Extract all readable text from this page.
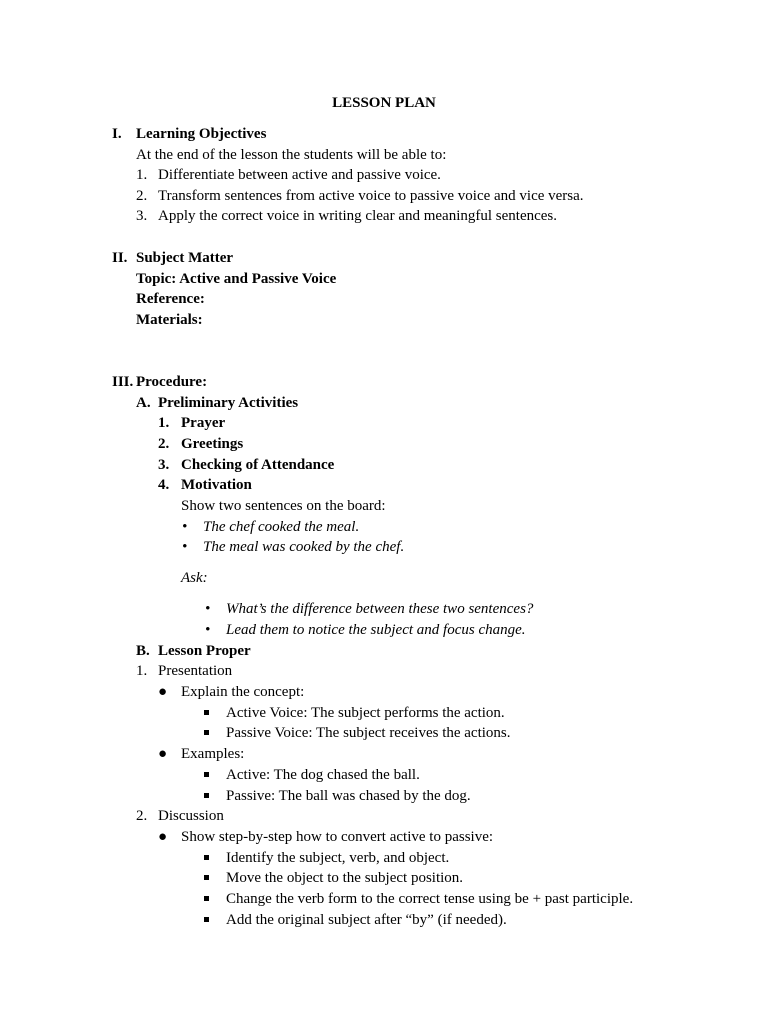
LESSON PLAN
I. Learning Objectives
At the end of the lesson the students will be able to:
1. Differentiate between active and passive voice.
2. Transform sentences from active voice to passive voice and vice versa.
3. Apply the correct voice in writing clear and meaningful sentences.
II. Subject Matter
Topic: Active and Passive Voice
Reference:
Materials:
III. Procedure:
A. Preliminary Activities
1. Prayer
2. Greetings
3. Checking of Attendance
4. Motivation
Show two sentences on the board:
• The chef cooked the meal.
• The meal was cooked by the chef.
Ask:
• What’s the difference between these two sentences?
• Lead them to notice the subject and focus change.
B. Lesson Proper
1. Presentation
● Explain the concept:
Active Voice: The subject performs the action.
Passive Voice: The subject receives the actions.
● Examples:
Active: The dog chased the ball.
Passive: The ball was chased by the dog.
2. Discussion
● Show step-by-step how to convert active to passive:
Identify the subject, verb, and object.
Move the object to the subject position.
Change the verb form to the correct tense using be + past participle.
Add the original subject after “by” (if needed).
